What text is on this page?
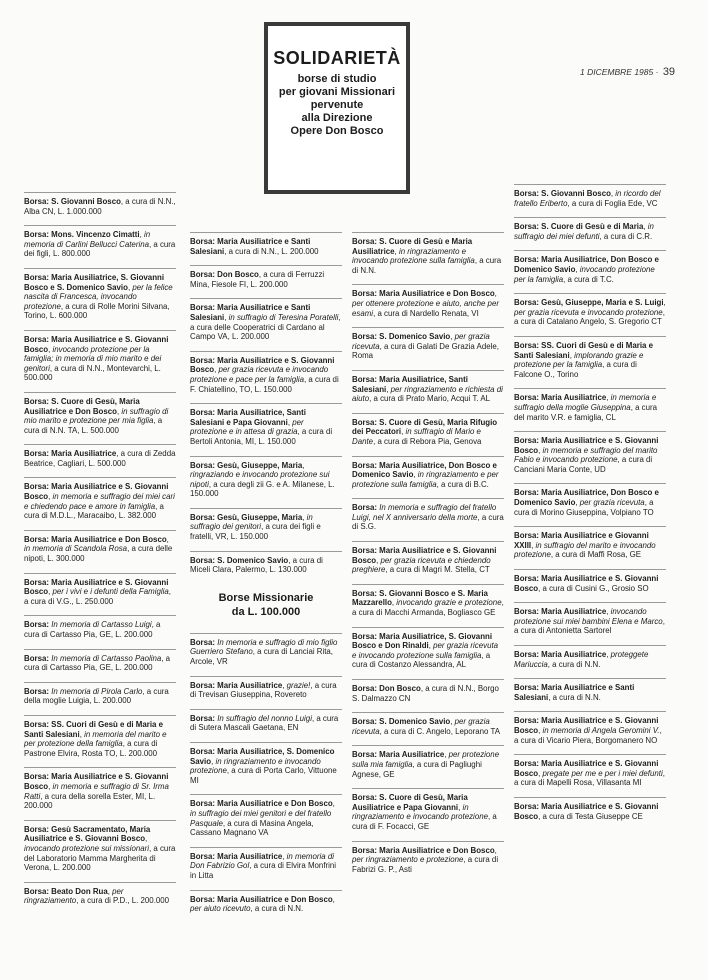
SOLIDARIETÀ
borse di studio
per giovani Missionari
pervenute
alla Direzione
Opere Don Bosco
1 DICEMBRE 1985 · 39
Borsa: S. Giovanni Bosco, a cura di N.N., Alba CN, L. 1.000.000
Borsa: Mons. Vincenzo Cimatti, in memoria di Carlini Bellucci Caterina, a cura dei figli, L. 800.000
Borsa: Maria Ausiliatrice, S. Giovanni Bosco e S. Domenico Savio, per la felice nascita di Francesca, invocando protezione, a cura di Rolle Morini Silvana, Torino, L. 600.000
Borsa: Maria Ausiliatrice e S. Giovanni Bosco, invocando protezione per la famiglia; in memoria di mio marito e dei genitori, a cura di N.N., Montevarchi, L. 500.000
Borsa: S. Cuore di Gesù, Maria Ausiliatrice e Don Bosco, in suffragio di mio marito e protezione per mia figlia, a cura di N.N. TA, L. 500.000
Borsa: Maria Ausiliatrice, a cura di Zedda Beatrice, Cagliari, L. 500.000
Borsa: Maria Ausiliatrice e S. Giovanni Bosco, in memoria e suffragio dei miei cari e chiedendo pace e amore in famiglia, a cura di M.D.L., Maracaibo, L. 382.000
Borsa: Maria Ausiliatrice e Don Bosco, in memoria di Scandola Rosa, a cura delle nipoti, L. 300.000
Borsa: Maria Ausiliatrice e S. Giovanni Bosco, per i vivi e i defunti della Famiglia, a cura di V.G., L. 250.000
Borsa: In memoria di Cartasso Luigi, a cura di Cartasso Pia, GE, L. 200.000
Borsa: In memoria di Cartasso Paolina, a cura di Cartasso Pia, GE, L. 200.000
Borsa: In memoria di Pirola Carlo, a cura della moglie Luigia, L. 200.000
Borsa: SS. Cuori di Gesù e di Maria e Santi Salesiani, in memoria del marito e per protezione della famiglia, a cura di Pastrone Elvira, Rosta TO, L. 200.000
Borsa: Maria Ausiliatrice e S. Giovanni Bosco, in memoria e suffragio di Sr. Irma Ratti, a cura della sorella Ester, MI, L. 200.000
Borsa: Gesù Sacramentato, Maria Ausiliatrice e S. Giovanni Bosco, invocando protezione sui missionari, a cura del Laboratorio Mamma Margherita di Verona, L. 200.000
Borsa: Beato Don Rua, per ringraziamento, a cura di P.D., L. 200.000
Borsa: Maria Ausiliatrice e Santi Salesiani, a cura di N.N., L. 200.000
Borsa: Don Bosco, a cura di Ferruzzi Mina, Fiesole FI, L. 200.000
Borsa: Maria Ausiliatrice e Santi Salesiani, in suffragio di Teresina Poratelli, a cura delle Cooperatrici di Cardano al Campo VA, L. 200.000
Borsa: Maria Ausiliatrice e S. Giovanni Bosco, per grazia ricevuta e invocando protezione e pace per la famiglia, a cura di F. Chiatellino, TO, L. 150.000
Borsa: Maria Ausiliatrice, Santi Salesiani e Papa Giovanni, per protezione e in attesa di grazia, a cura di Bertoli Antonia, MI, L. 150.000
Borsa: Gesù, Giuseppe, Maria, ringraziando e invocando protezione sui nipoti, a cura degli zii G. e A. Milanese, L. 150.000
Borsa: Gesù, Giuseppe, Maria, in suffragio dei genitori, a cura dei figli e fratelli, VR, L. 150.000
Borsa: S. Domenico Savio, a cura di Miceli Clara, Palermo, L. 130.000
Borse Missionarie
da L. 100.000
Borsa: In memoria e suffragio di mio figlio Guerriero Stefano, a cura di Lanciai Rita, Arcole, VR
Borsa: Maria Ausiliatrice, grazie!, a cura di Trevisan Giuseppina, Rovereto
Borsa: In suffragio del nonno Luigi, a cura di Sutera Mascali Gaetana, EN
Borsa: Maria Ausiliatrice, S. Domenico Savio, in ringraziamento e invocando protezione, a cura di Porta Carlo, Vittuone MI
Borsa: Maria Ausiliatrice e Don Bosco, in suffragio dei miei genitori e del fratello Pasquale, a cura di Masina Angela, Cassano Magnano VA
Borsa: Maria Ausiliatrice, in memoria di Don Fabrizio Gol, a cura di Elvira Monfrini in Litta
Borsa: Maria Ausiliatrice e Don Bosco, per aiuto ricevuto, a cura di N.N.
Borsa: S. Cuore di Gesù e Maria Ausiliatrice, in ringraziamento e invocando protezione sulla famiglia, a cura di N.N.
Borsa: Maria Ausiliatrice e Don Bosco, per ottenere protezione e aiuto, anche per esami, a cura di Nardello Renata, VI
Borsa: S. Domenico Savio, per grazia ricevuta, a cura di Galati De Grazia Adele, Roma
Borsa: Maria Ausiliatrice, Santi Salesiani, per ringraziamento e richiesta di aiuto, a cura di Prato Mario, Acqui T. AL
Borsa: S. Cuore di Gesù, Maria Rifugio dei Peccatori, in suffragio di Mario e Dante, a cura di Rebora Pia, Genova
Borsa: Maria Ausiliatrice, Don Bosco e Domenico Savio, in ringraziamento e per protezione sulla famiglia, a cura di B.C.
Borsa: In memoria e suffragio del fratello Luigi, nel X anniversario della morte, a cura di S.G.
Borsa: Maria Ausiliatrice e S. Giovanni Bosco, per grazia ricevuta e chiedendo preghiere, a cura di Magri M. Stella, CT
Borsa: S. Giovanni Bosco e S. Maria Mazzarello, invocando grazie e protezione, a cura di Macchi Armanda, Bogliasco GE
Borsa: Maria Ausiliatrice, S. Giovanni Bosco e Don Rinaldi, per grazia ricevuta e invocando protezione sulla famiglia, a cura di Costanzo Alessandra, AL
Borsa: Don Bosco, a cura di N.N., Borgo S. Dalmazzo CN
Borsa: S. Domenico Savio, per grazia ricevuta, a cura di C. Angelo, Leporano TA
Borsa: Maria Ausiliatrice, per protezione sulla mia famiglia, a cura di Pagliughi Agnese, GE
Borsa: S. Cuore di Gesù, Maria Ausiliatrice e Papa Giovanni, in ringraziamento e invocando protezione, a cura di F. Focacci, GE
Borsa: Maria Ausiliatrice e Don Bosco, per ringraziamento e protezione, a cura di Fabrizi G. P., Asti
Borsa: S. Giovanni Bosco, in ricordo del fratello Eriberto, a cura di Foglia Ede, VC
Borsa: S. Cuore di Gesù e di Maria, in suffragio dei miei defunti, a cura di C.R.
Borsa: Maria Ausiliatrice, Don Bosco e Domenico Savio, invocando protezione per la famiglia, a cura di T.C.
Borsa: Gesù, Giuseppe, Maria e S. Luigi, per grazia ricevuta e invocando protezione, a cura di Catalano Angelo, S. Gregorio CT
Borsa: SS. Cuori di Gesù e di Maria e Santi Salesiani, implorando grazie e protezione per la famiglia, a cura di Falcone O., Torino
Borsa: Maria Ausiliatrice, in memoria e suffragio della moglie Giuseppina, a cura del marito V.R. e famiglia, CL
Borsa: Maria Ausiliatrice e S. Giovanni Bosco, in memoria e suffragio del marito Fabio e invocando protezione, a cura di Canciani Maria Conte, UD
Borsa: Maria Ausiliatrice, Don Bosco e Domenico Savio, per grazia ricevuta, a cura di Morino Giuseppina, Volpiano TO
Borsa: Maria Ausiliatrice e Giovanni XXIII, in suffragio del marito e invocando protezione, a cura di Maffi Rosa, GE
Borsa: Maria Ausiliatrice e S. Giovanni Bosco, a cura di Cusini G., Grosio SO
Borsa: Maria Ausiliatrice, invocando protezione sui miei bambini Elena e Marco, a cura di Antonietta Sartorel
Borsa: Maria Ausiliatrice, proteggete Mariuccia, a cura di N.N.
Borsa: Maria Ausiliatrice e Santi Salesiani, a cura di N.N.
Borsa: Maria Ausiliatrice e S. Giovanni Bosco, in memoria di Angela Geromini V., a cura di Vicario Piera, Borgomanero NO
Borsa: Maria Ausiliatrice e S. Giovanni Bosco, pregate per me e per i miei defunti, a cura di Mapelli Rosa, Villasanta MI
Borsa: Maria Ausiliatrice e S. Giovanni Bosco, a cura di Testa Giuseppe CE
